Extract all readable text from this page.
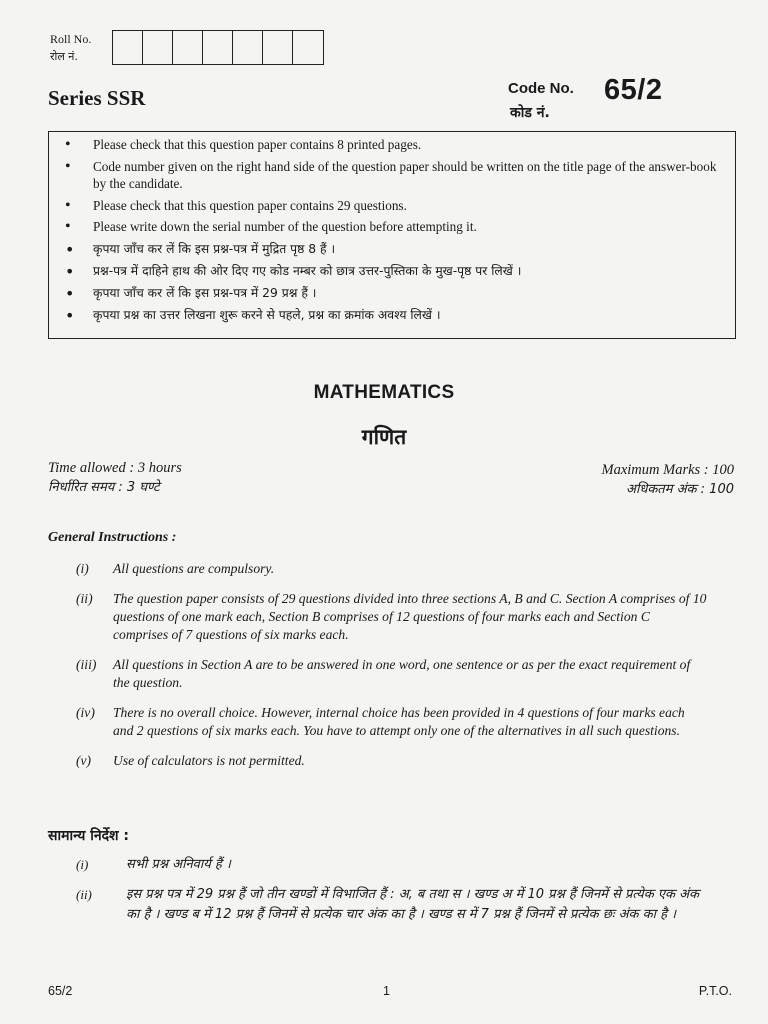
Roll No.
रोल नं.
Series SSR	Code No.
कोड नं.
65/2
• Please check that this question paper contains 8 printed pages.
• Code number given on the right hand side of the question paper should be written on the title page of the answer-book by the candidate.
• Please check that this question paper contains 29 questions.
• Please write down the serial number of the question before attempting it.
• कृपया जाँच कर लें कि इस प्रश्न-पत्र में मुद्रित पृष्ठ 8 हैं ।
• प्रश्न-पत्र में दाहिने हाथ की ओर दिए गए कोड नम्बर को छात्र उत्तर-पुस्तिका के मुख-पृष्ठ पर लिखें ।
• कृपया जाँच कर लें कि इस प्रश्न-पत्र में 29 प्रश्न हैं ।
• कृपया प्रश्न का उत्तर लिखना शुरू करने से पहले, प्रश्न का क्रमांक अवश्य लिखें ।
MATHEMATICS
गणित
Time allowed : 3 hours
निर्धारित समय : 3 घण्टे
Maximum Marks : 100
अधिकतम अंक : 100
General Instructions :
(i) All questions are compulsory.
(ii) The question paper consists of 29 questions divided into three sections A, B and C. Section A comprises of 10 questions of one mark each, Section B comprises of 12 questions of four marks each and Section C comprises of 7 questions of six marks each.
(iii) All questions in Section A are to be answered in one word, one sentence or as per the exact requirement of the question.
(iv) There is no overall choice. However, internal choice has been provided in 4 questions of four marks each and 2 questions of six marks each. You have to attempt only one of the alternatives in all such questions.
(v) Use of calculators is not permitted.
सामान्य निर्देश :
(i)	सभी प्रश्न अनिवार्य हैं ।
(ii)	इस प्रश्न पत्र में 29 प्रश्न हैं जो तीन खण्डों में विभाजित हैं : अ, ब तथा स । खण्ड अ में 10 प्रश्न हैं जिनमें से प्रत्येक एक अंक का है । खण्ड ब में 12 प्रश्न हैं जिनमें से प्रत्येक चार अंक का है । खण्ड स में 7 प्रश्न हैं जिनमें से प्रत्येक छः अंक का है ।
65/2	1	P.T.O.
